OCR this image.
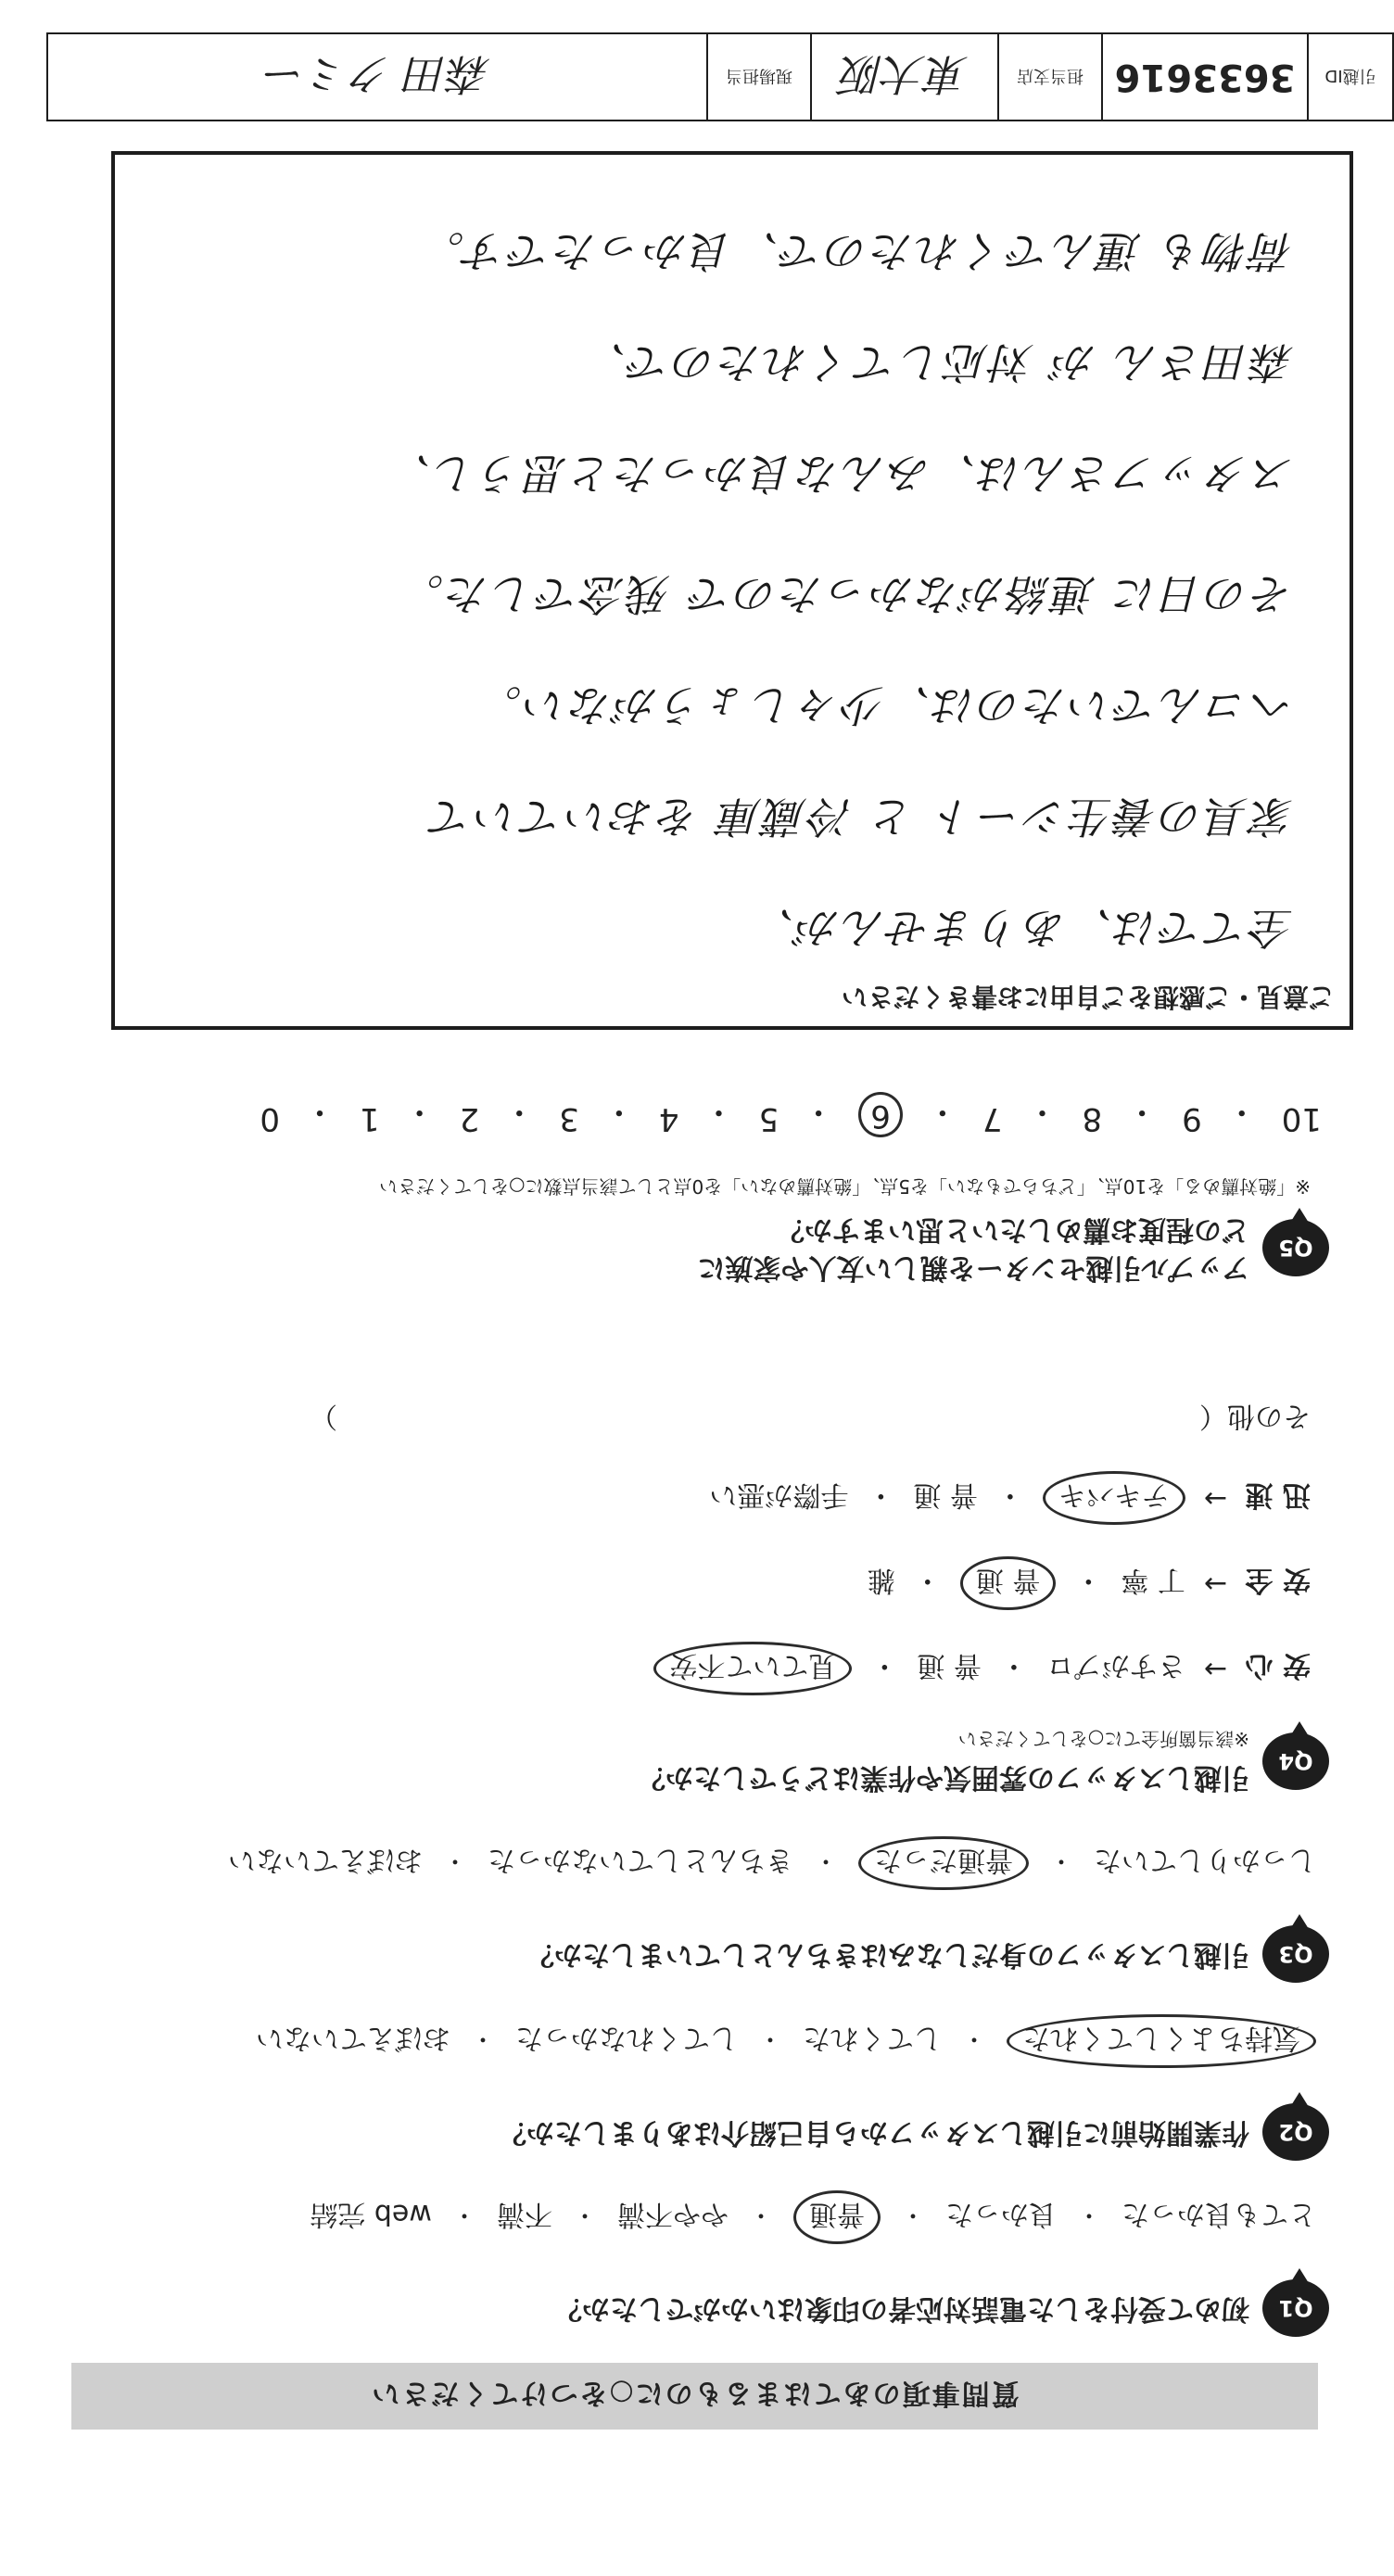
質問事項のあてはまるものに○をつけてください
Q1
初めて受付をした電話対応者の印象はいかがでしたか？
とても良かった
・
良かった
・
普通
・
やや不満
・
不満
・
web 完結
Q2
作業開始前に引越しスタッフから自己紹介はありましたか？
気持ちよくしてくれた
・
してくれた
・
してくれなかった
・
おぼえていない
Q3
引越しスタッフの身だしなみはきちんとしていましたか？
しっかりしていた
・
普通だった
・
きちんとしていなかった
・
おぼえていない
Q4
引越しスタッフの雰囲気や作業はどうでしたか？
※該当箇所全てに○をしてください
安 心
→
さすがプロ
・
普 通
・
見ていて不安
安 全
→
丁 寧
・
普 通
・
雑
迅 速
→
テキパキ
・
普 通
・
手際が悪い
その他（　　　　　　　　　　　　　　　　　　　　　　　　　　　　　　　）
Q5
アップル引越センターを親しい友人や家族に
どの程度お薦めしたいと思いますか？
※「絶対薦める」を10点、「どちらでもない」を5点、「絶対薦めない」を0点として該当点数に○をしてください
10
・
9
・
8
・
7
・
6
・
5
・
4
・
3
・
2
・
1
・
0
ご意見・ご感想をご自由にお書きください
全てでは、ありませんが、
家具の養生シート と 冷蔵庫 をおいていて
ヘコんでいたのは、少々しょうがない。
その日に 連絡がなかったので 残念でした。
スタッフさんは、みんな良かったと思うし、
森田さん が 対応してくれたので、
荷物も 運んでくれたので、良かったです。
引越ID
3633616
担当支店
東大阪
現場担当
森田 クミー
